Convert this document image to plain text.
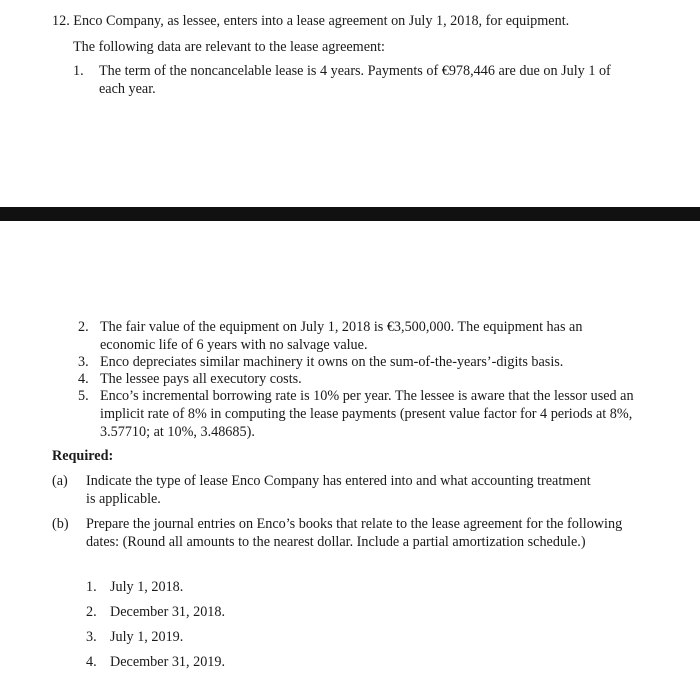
12. Enco Company, as lessee, enters into a lease agreement on July 1, 2018, for equipment.
The following data are relevant to the lease agreement:
1.	The term of the noncancelable lease is 4 years. Payments of €978,446 are due on July 1 of each year.
2. The fair value of the equipment on July 1, 2018 is €3,500,000. The equipment has an economic life of 6 years with no salvage value.
3. Enco depreciates similar machinery it owns on the sum-of-the-years’-digits basis.
4. The lessee pays all executory costs.
5. Enco’s incremental borrowing rate is 10% per year. The lessee is aware that the lessor used an implicit rate of 8% in computing the lease payments (present value factor for 4 periods at 8%, 3.57710; at 10%, 3.48685).
Required:
(a)	Indicate the type of lease Enco Company has entered into and what accounting treatment is applicable.
(b)	Prepare the journal entries on Enco’s books that relate to the lease agreement for the following dates: (Round all amounts to the nearest dollar. Include a partial amortization schedule.)
1. July 1, 2018.
2. December 31, 2018.
3. July 1, 2019.
4. December 31, 2019.
